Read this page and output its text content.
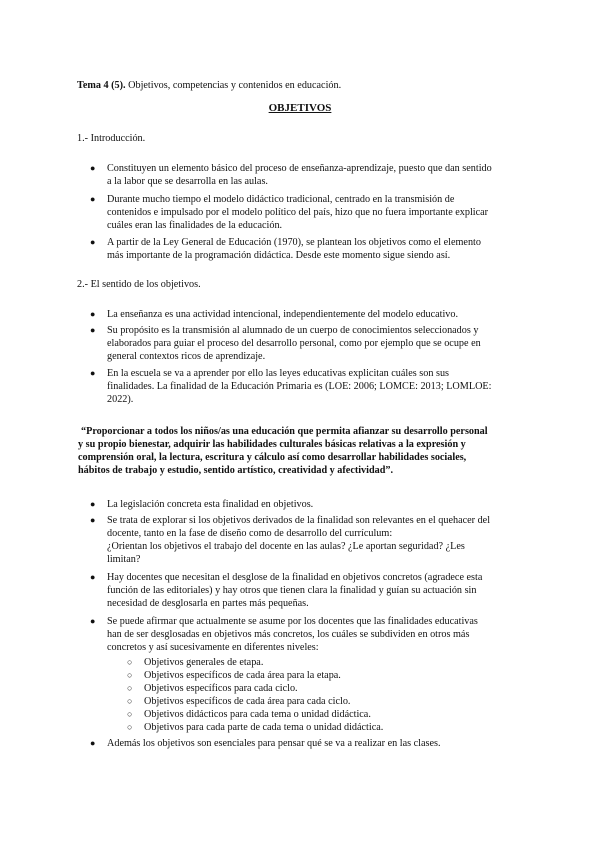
Tema 4 (5). Objetivos, competencias y contenidos en educación.
OBJETIVOS
1.- Introducción.
● Constituyen un elemento básico del proceso de enseñanza-aprendizaje, puesto que dan sentido
a la labor que se desarrolla en las aulas.
● Durante mucho tiempo el modelo didáctico tradicional, centrado en la transmisión de
contenidos e impulsado por el modelo político del país, hizo que no fuera importante explicar
cuáles eran las finalidades de la educación.
● A partir de la Ley General de Educación (1970), se plantean los objetivos como el elemento
más importante de la programación didáctica. Desde este momento sigue siendo así.
2.- El sentido de los objetivos.
● La enseñanza es una actividad intencional, independientemente del modelo educativo.
● Su propósito es la transmisión al alumnado de un cuerpo de conocimientos seleccionados y
elaborados para guiar el proceso del desarrollo personal, como por ejemplo que se ocupe en
general contextos ricos de aprendizaje.
● En la escuela se va a aprender por ello las leyes educativas explicitan cuáles son sus
finalidades. La finalidad de la Educación Primaria es (LOE: 2006; LOMCE: 2013; LOMLOE:
2022).
“Proporcionar a todos los niños/as una educación que permita afianzar su desarrollo personal
y su propio bienestar, adquirir las habilidades culturales básicas relativas a la expresión y
comprensión oral, la lectura, escritura y cálculo así como desarrollar habilidades sociales,
hábitos de trabajo y estudio, sentido artístico, creatividad y afectividad”.
● La legislación concreta esta finalidad en objetivos.
● Se trata de explorar si los objetivos derivados de la finalidad son relevantes en el quehacer del
docente, tanto en la fase de diseño como de desarrollo del currículum:
¿Orientan los objetivos el trabajo del docente en las aulas? ¿Le aportan seguridad? ¿Les
limitan?
● Hay docentes que necesitan el desglose de la finalidad en objetivos concretos (agradece esta
función de las editoriales) y hay otros que tienen clara la finalidad y guían su actuación sin
necesidad de desglosarla en partes más pequeñas.
● Se puede afirmar que actualmente se asume por los docentes que las finalidades educativas
han de ser desglosadas en objetivos más concretos, los cuáles se subdividen en otros más
concretos y así sucesivamente en diferentes niveles:
○ Objetivos generales de etapa.
○ Objetivos específicos de cada área para la etapa.
○ Objetivos específicos para cada ciclo.
○ Objetivos específicos de cada área para cada ciclo.
○ Objetivos didácticos para cada tema o unidad didáctica.
○ Objetivos para cada parte de cada tema o unidad didáctica.
● Además los objetivos son esenciales para pensar qué se va a realizar en las clases.
